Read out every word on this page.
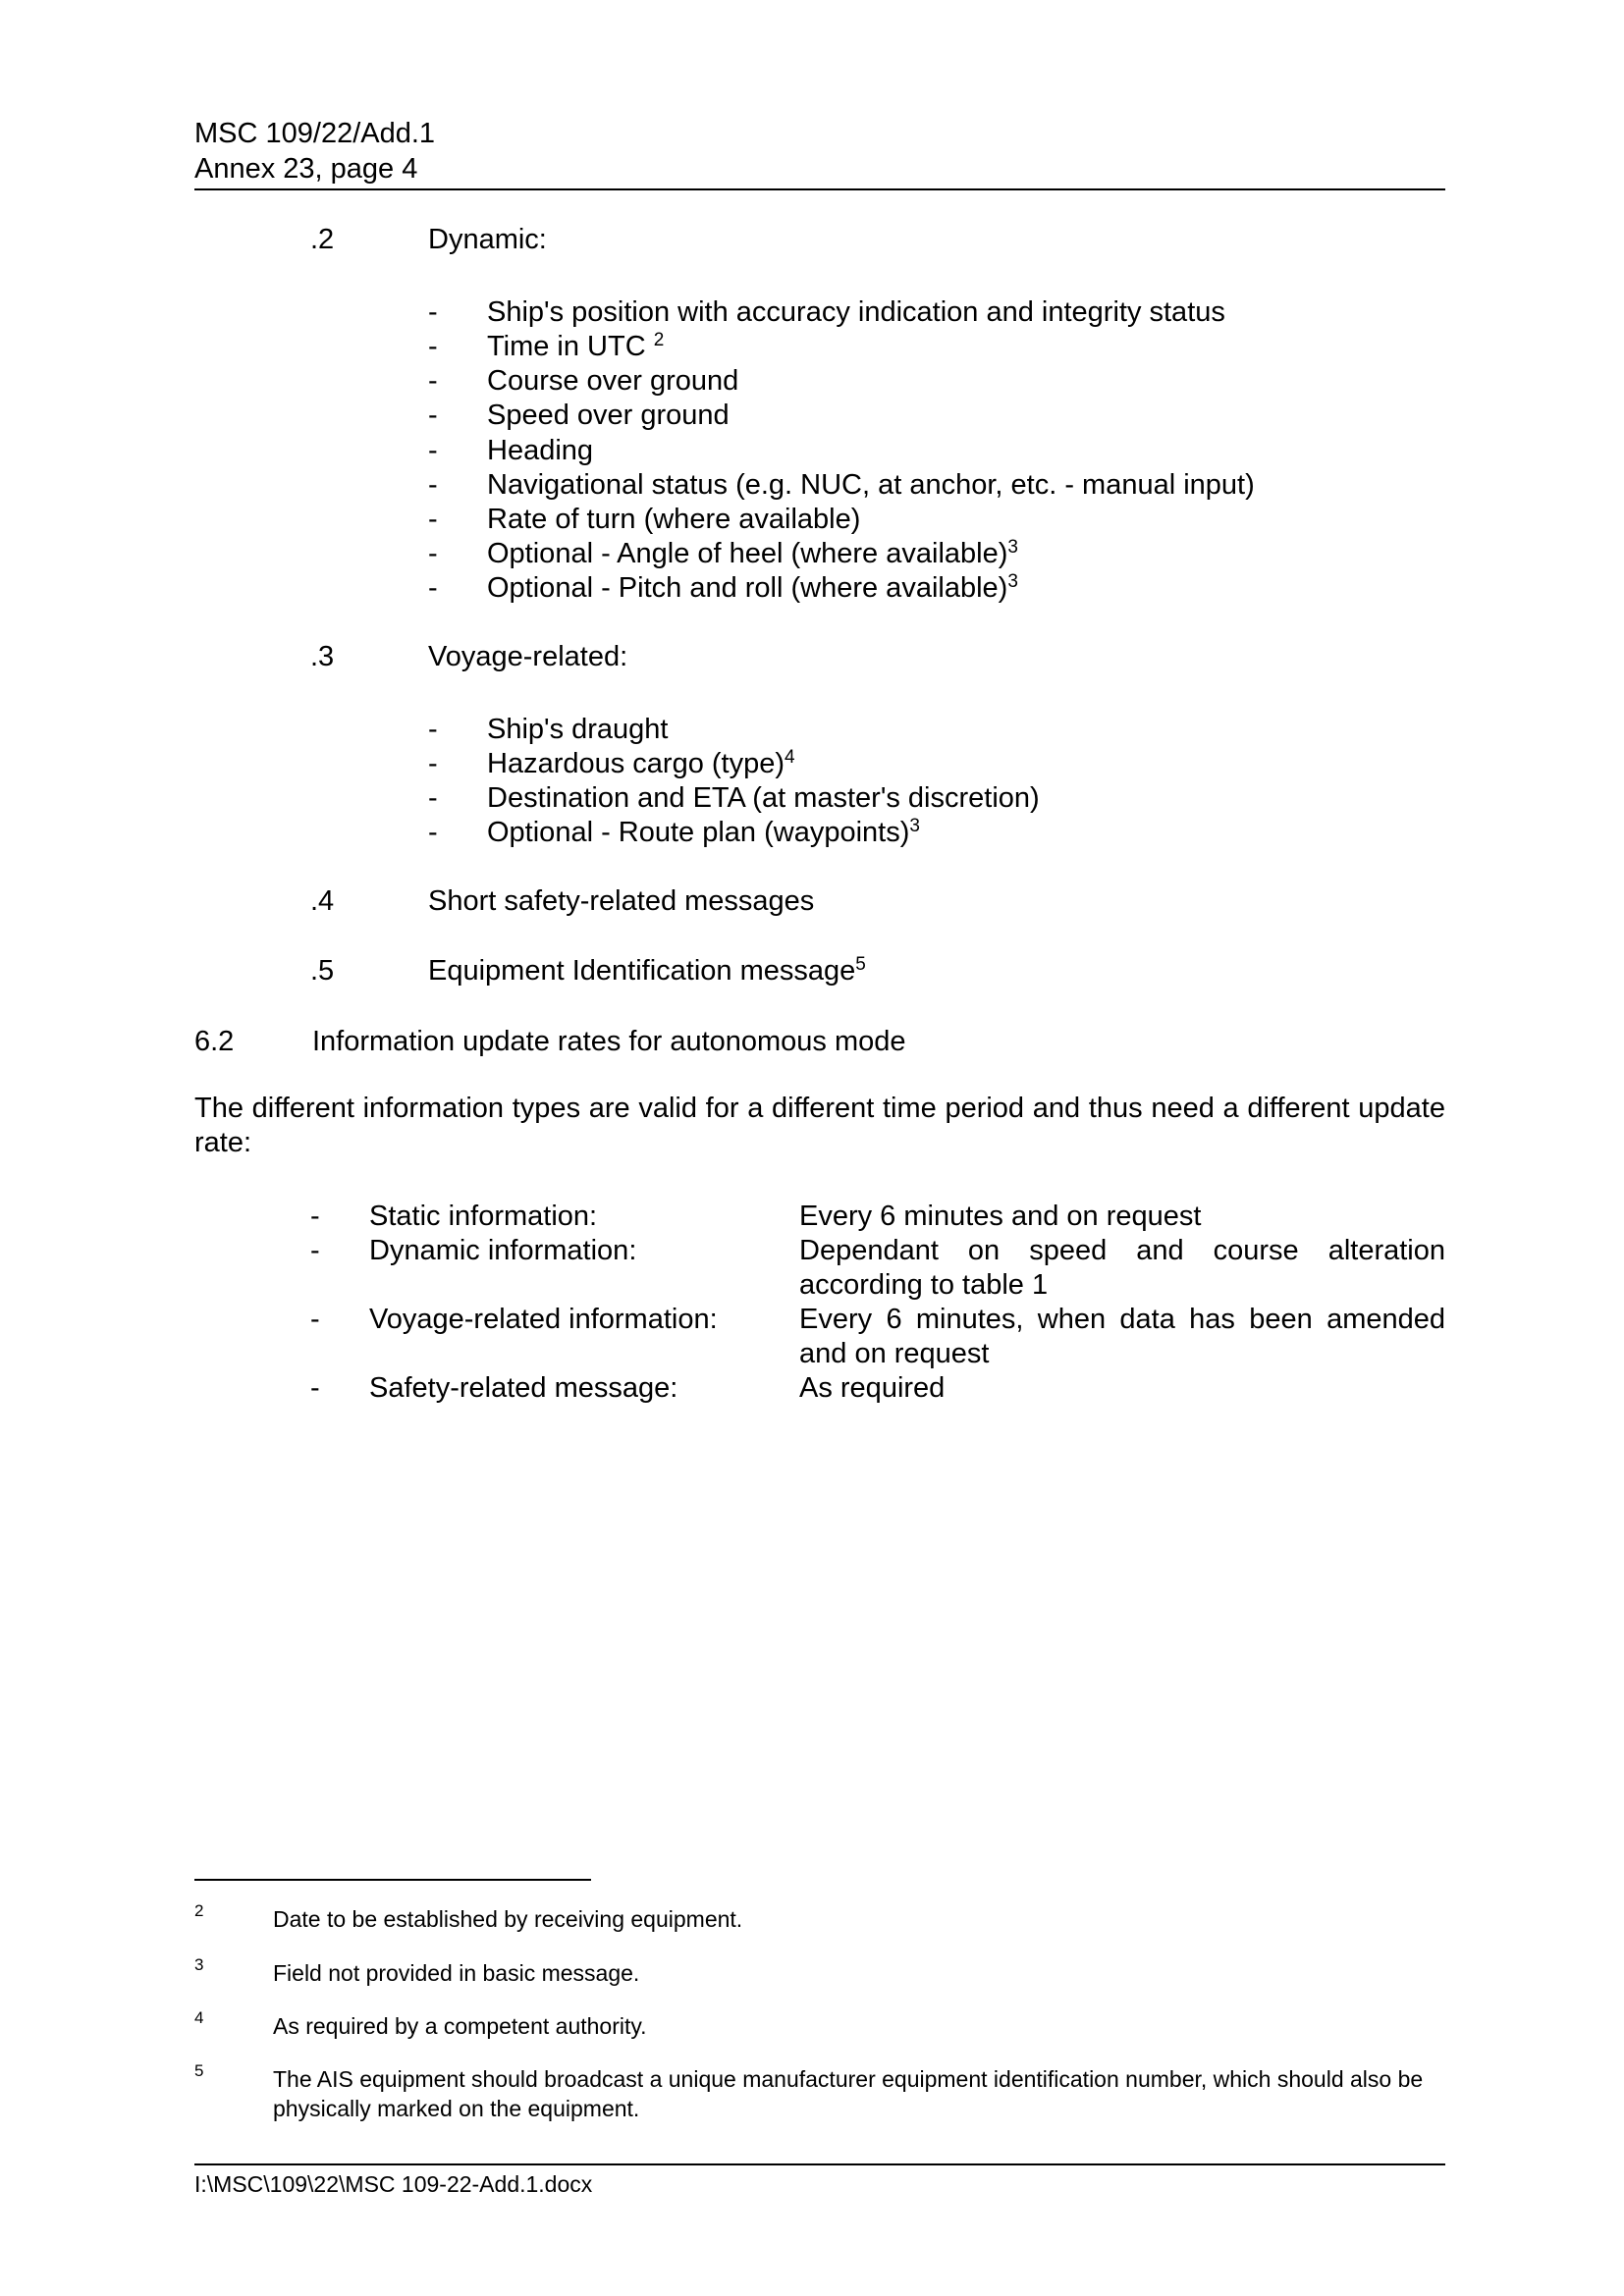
MSC 109/22/Add.1
Annex 23, page 4
.2	Dynamic:
- Ship's position with accuracy indication and integrity status
- Time in UTC $^2$
- Course over ground
- Speed over ground
- Heading
- Navigational status (e.g. NUC, at anchor, etc. - manual input)
- Rate of turn (where available)
- Optional - Angle of heel (where available)$^3$
- Optional - Pitch and roll (where available)$^3$
.3	Voyage-related:
- Ship's draught
- Hazardous cargo (type)$^4$
- Destination and ETA (at master's discretion)
- Optional - Route plan (waypoints)$^3$
.4	Short safety-related messages
.5	Equipment Identification message$^5$
6.2	Information update rates for autonomous mode
The different information types are valid for a different time period and thus need a different update rate:
-	Static information:	Every 6 minutes and on request
-	Dynamic information:	Dependant on speed and course alteration according to table 1
-	Voyage-related information:	Every 6 minutes, when data has been amended and on request
-	Safety-related message:	As required
2	Date to be established by receiving equipment.
3	Field not provided in basic message.
4	As required by a competent authority.
5	The AIS equipment should broadcast a unique manufacturer equipment identification number, which should also be physically marked on the equipment.
I:\MSC\109\22\MSC 109-22-Add.1.docx
